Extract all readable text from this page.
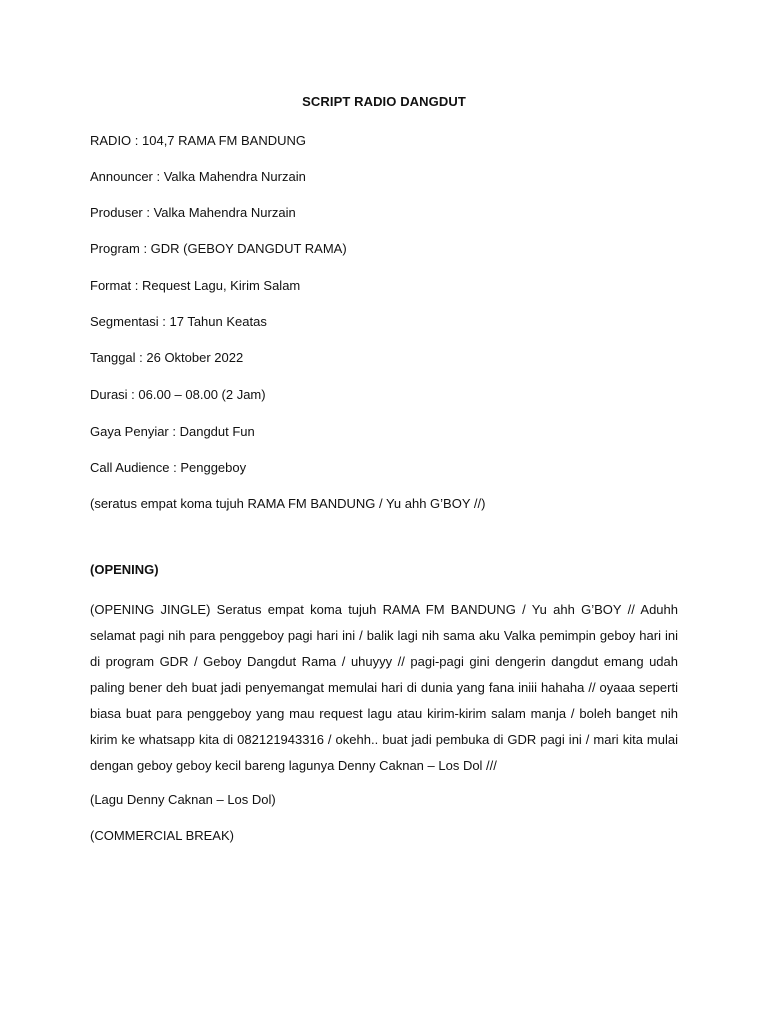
SCRIPT RADIO DANGDUT
RADIO : 104,7 RAMA FM BANDUNG
Announcer : Valka Mahendra Nurzain
Produser : Valka Mahendra Nurzain
Program : GDR (GEBOY DANGDUT RAMA)
Format : Request Lagu, Kirim Salam
Segmentasi : 17 Tahun Keatas
Tanggal : 26 Oktober 2022
Durasi : 06.00 – 08.00 (2 Jam)
Gaya Penyiar : Dangdut Fun
Call Audience : Penggeboy
(seratus empat koma tujuh RAMA FM BANDUNG / Yu ahh G’BOY //)
(OPENING)
(OPENING JINGLE) Seratus empat koma tujuh RAMA FM BANDUNG / Yu ahh G’BOY // Aduhh selamat pagi nih para penggeboy pagi hari ini / balik lagi nih sama aku Valka pemimpin geboy hari ini di program GDR / Geboy Dangdut Rama / uhuyyy // pagi-pagi gini dengerin dangdut emang udah paling bener deh buat jadi penyemangat memulai hari di dunia yang fana iniii hahaha // oyaaa seperti biasa buat para penggeboy yang mau request lagu atau kirim-kirim salam manja / boleh banget nih kirim ke whatsapp kita di 082121943316 / okehh.. buat jadi pembuka di GDR pagi ini / mari kita mulai dengan geboy geboy kecil bareng lagunya Denny Caknan – Los Dol ///
(Lagu Denny Caknan – Los Dol)
(COMMERCIAL BREAK)
